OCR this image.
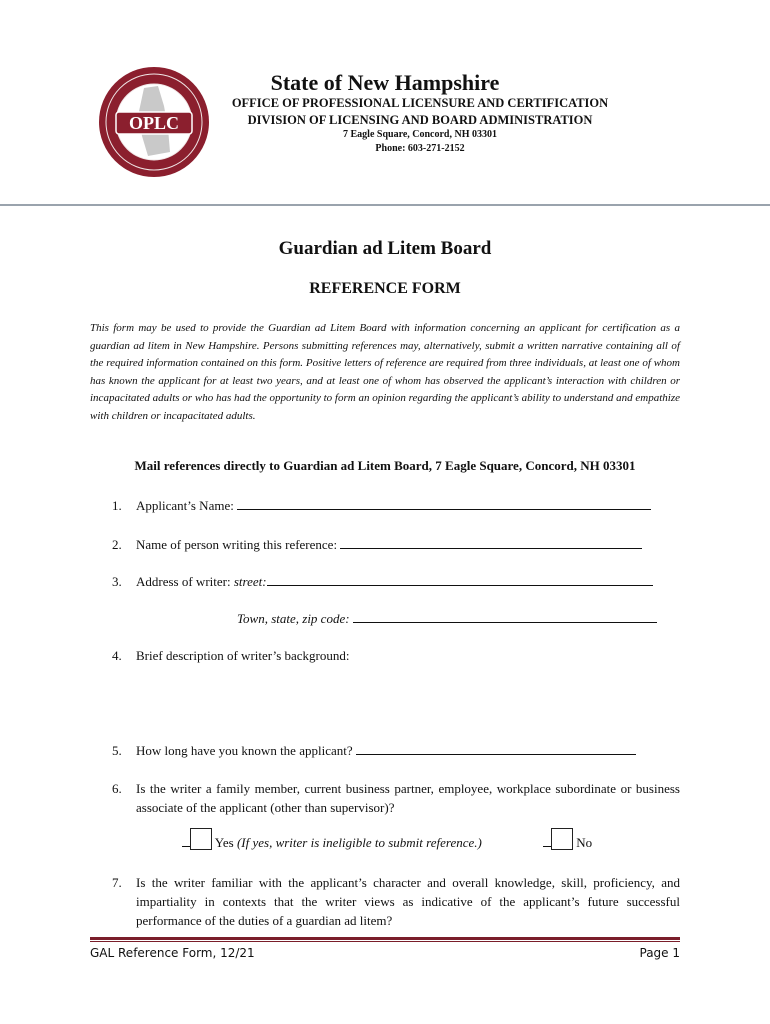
OPLC
State of New Hampshire
OFFICE OF PROFESSIONAL LICENSURE AND CERTIFICATION
DIVISION OF LICENSING AND BOARD ADMINISTRATION
7 Eagle Square, Concord, NH 03301
Phone: 603-271-2152
Guardian ad Litem Board
REFERENCE FORM
This form may be used to provide the Guardian ad Litem Board with information concerning an applicant for certification as a guardian ad litem in New Hampshire. Persons submitting references may, alternatively, submit a written narrative containing all of the required information contained on this form. Positive letters of reference are required from three individuals, at least one of whom has known the applicant for at least two years, and at least one of whom has observed the applicant’s interaction with children or incapacitated adults or who has had the opportunity to form an opinion regarding the applicant’s ability to understand and empathize with children or incapacitated adults.
Mail references directly to Guardian ad Litem Board, 7 Eagle Square, Concord, NH 03301
1. Applicant’s Name:
2. Name of person writing this reference:
3. Address of writer: street:
Town, state, zip code:
4. Brief description of writer’s background:
5. How long have you known the applicant?
6. Is the writer a family member, current business partner, employee, workplace subordinate or business associate of the applicant (other than supervisor)?
Yes (If yes, writer is ineligible to submit reference.)	No
7. Is the writer familiar with the applicant’s character and overall knowledge, skill, proficiency, and impartiality in contexts that the writer views as indicative of the applicant’s future successful performance of the duties of a guardian ad litem?
GAL Reference Form, 12/21	Page 1
